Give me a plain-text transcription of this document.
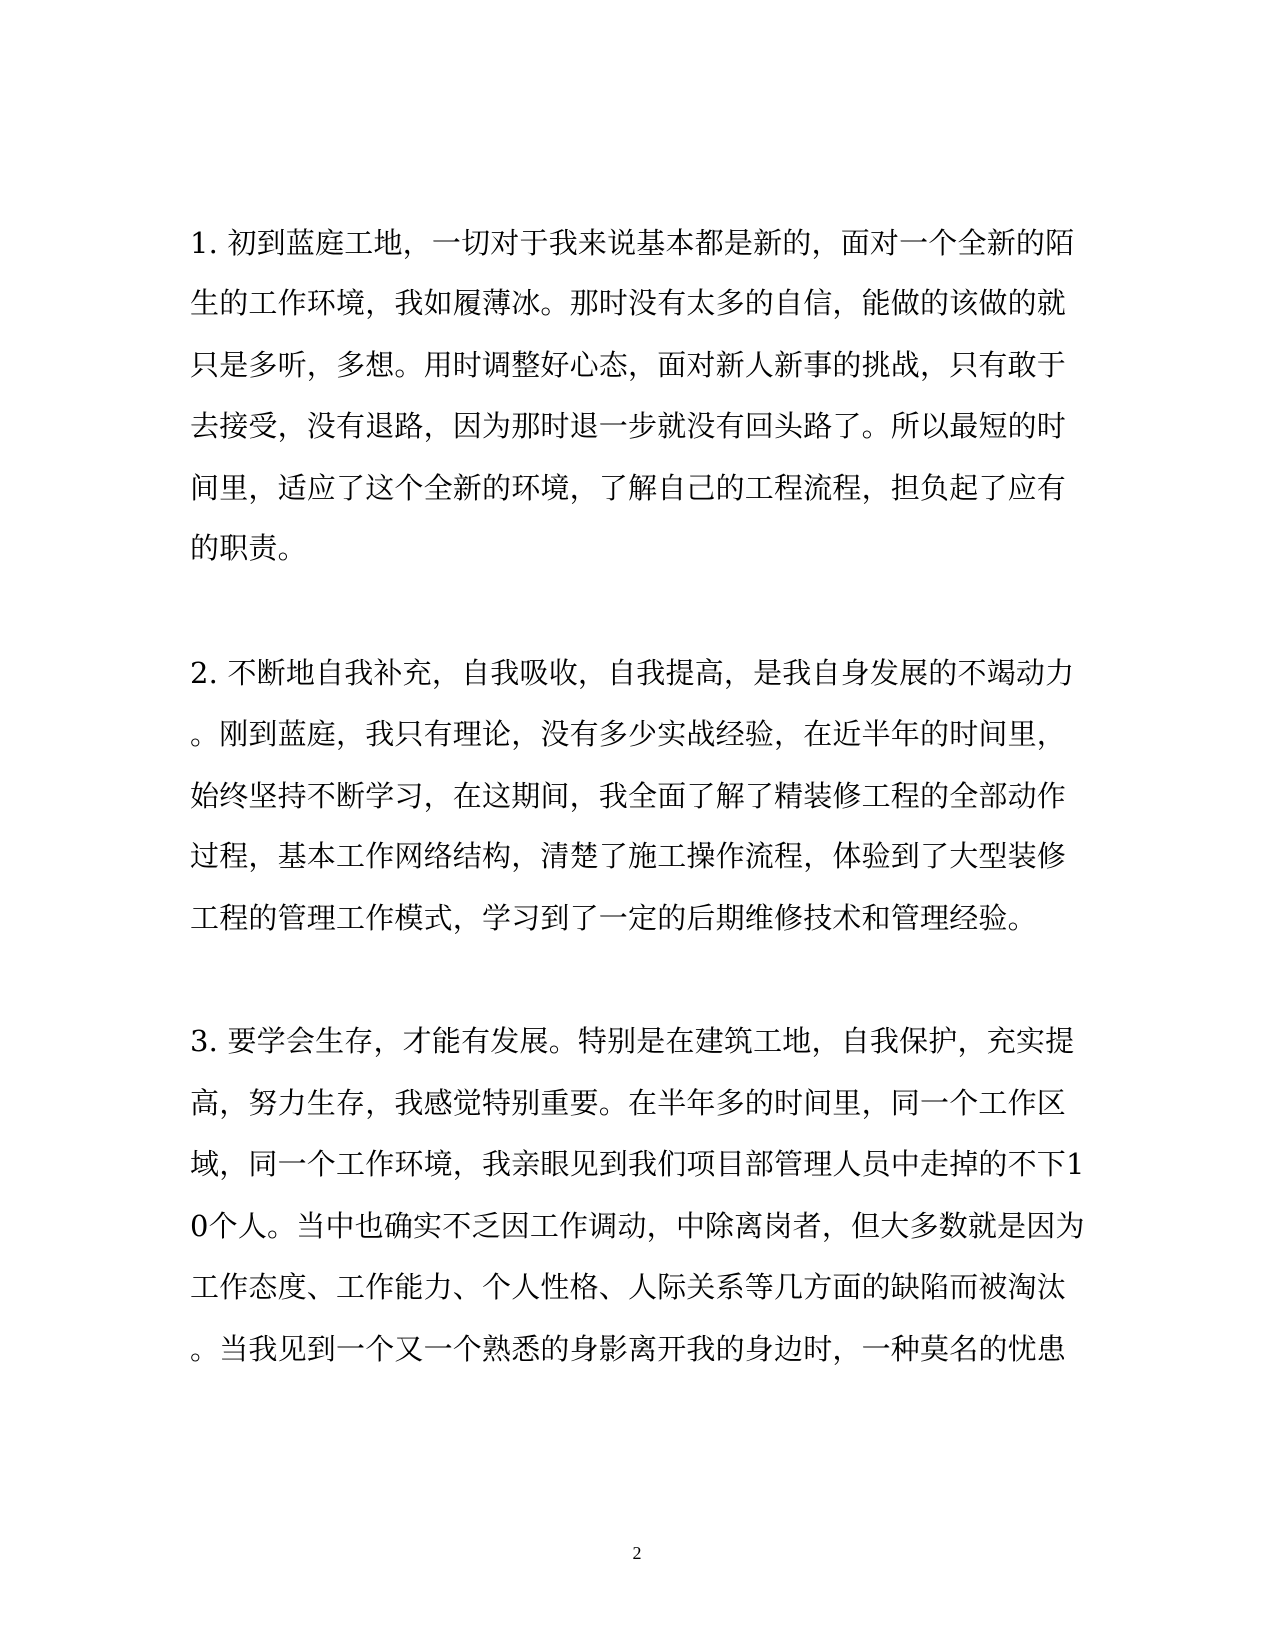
1. 初到蓝庭工地，一切对于我来说基本都是新的，面对一个全新的陌
生的工作环境，我如履薄冰。那时没有太多的自信，能做的该做的就
只是多听，多想。用时调整好心态，面对新人新事的挑战，只有敢于
去接受，没有退路，因为那时退一步就没有回头路了。所以最短的时
间里，适应了这个全新的环境，了解自己的工程流程，担负起了应有
的职责。
2. 不断地自我补充，自我吸收，自我提高，是我自身发展的不竭动力
。刚到蓝庭，我只有理论，没有多少实战经验，在近半年的时间里，
始终坚持不断学习，在这期间，我全面了解了精装修工程的全部动作
过程，基本工作网络结构，清楚了施工操作流程，体验到了大型装修
工程的管理工作模式，学习到了一定的后期维修技术和管理经验。
3. 要学会生存，才能有发展。特别是在建筑工地，自我保护，充实提
高，努力生存，我感觉特别重要。在半年多的时间里，同一个工作区
域，同一个工作环境，我亲眼见到我们项目部管理人员中走掉的不下1
0个人。当中也确实不乏因工作调动，中除离岗者，但大多数就是因为
工作态度、工作能力、个人性格、人际关系等几方面的缺陷而被淘汰
。当我见到一个又一个熟悉的身影离开我的身边时，一种莫名的忧患
2
